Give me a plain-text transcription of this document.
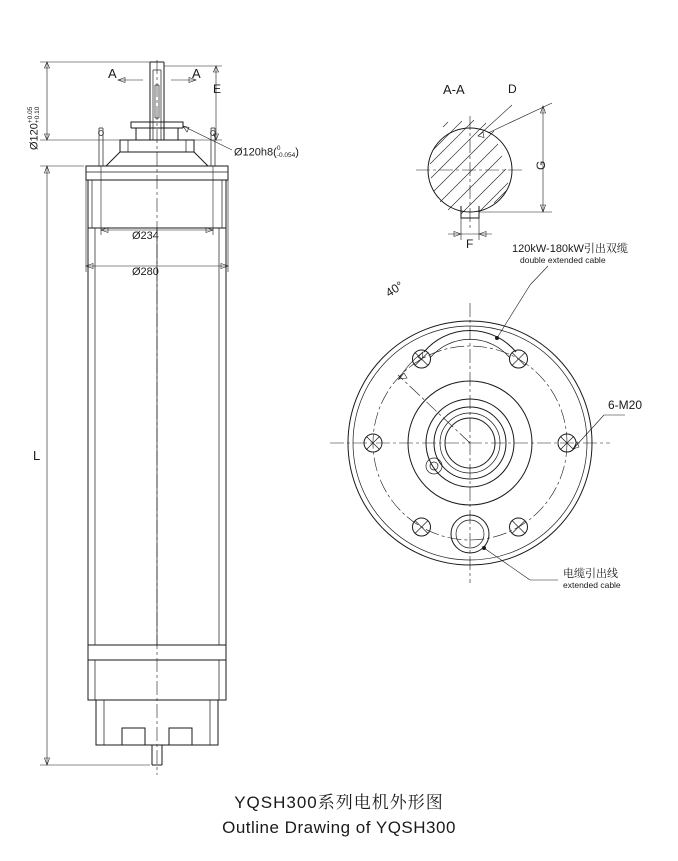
Ø120
+0.05 +0.10
A	A
E
Ø120h8( 0
-0.054 )
Ø234
Ø280
L
A-A	D
G
F
40°
6-M20
120kW-180kW引出双缆
double extended cable
电缆引出线
extended cable
YQSH300系列电机外形图
Outline Drawing of YQSH300
